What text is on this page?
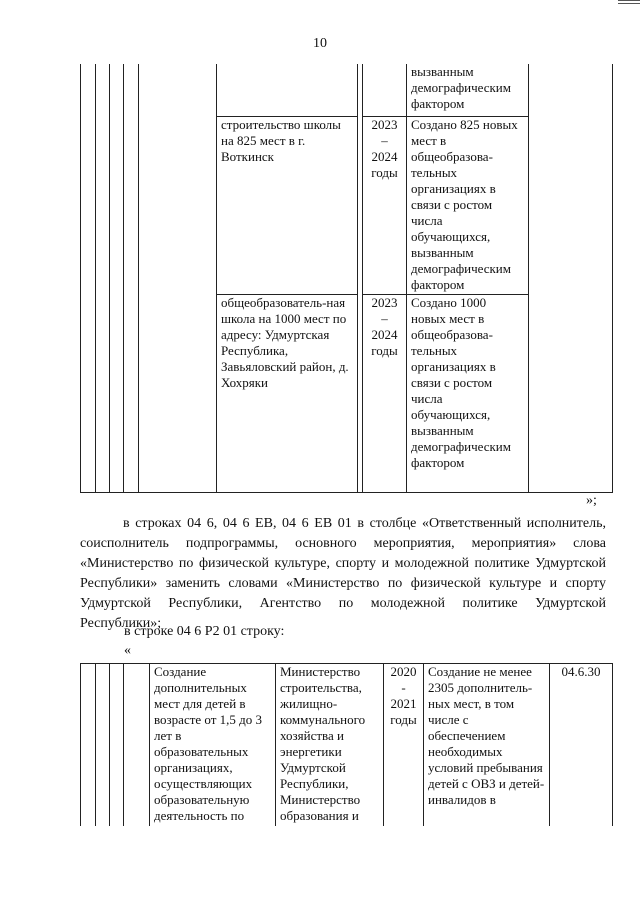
10
								вызванным демографическим фактором	
					строительство школы на 825 мест в г. Воткинск		2023 – 2024 годы	Создано 825 новых мест в общеобразова-тельных организациях в связи с ростом числа обучающихся, вызванным демографическим фактором	
					общеобразователь-ная школа на 1000 мест по адресу: Удмуртская Республика, Завьяловский район, д. Хохряки		2023 – 2024 годы	Создано 1000 новых мест в общеобразова-тельных организациях в связи с ростом числа обучающихся, вызванным демографическим фактором	
»;
в строках 04 6, 04 6 ЕВ, 04 6 ЕВ 01 в столбце «Ответственный исполнитель, соисполнитель подпрограммы, основного мероприятия, мероприятия» слова «Министерство по физической культуре, спорту и молодежной политике Удмуртской Республики» заменить словами «Министерство по физической культуре и спорту Удмуртской Республики, Агентство по молодежной политике Удмуртской Республики»;
в строке 04 6 Р2 01 строку:
«
				Создание дополнительных мест для детей в возрасте от 1,5 до 3 лет в образовательных организациях, осуществляющих образовательную деятельность по	Министерство строительства, жилищно-коммунального хозяйства и энергетики Удмуртской Республики, Министерство образования и	2020 - 2021 годы	Создание не менее 2305 дополнитель-ных мест, в том числе с обеспечением необходимых условий пребывания детей с ОВЗ и детей-инвалидов в	04.6.30
